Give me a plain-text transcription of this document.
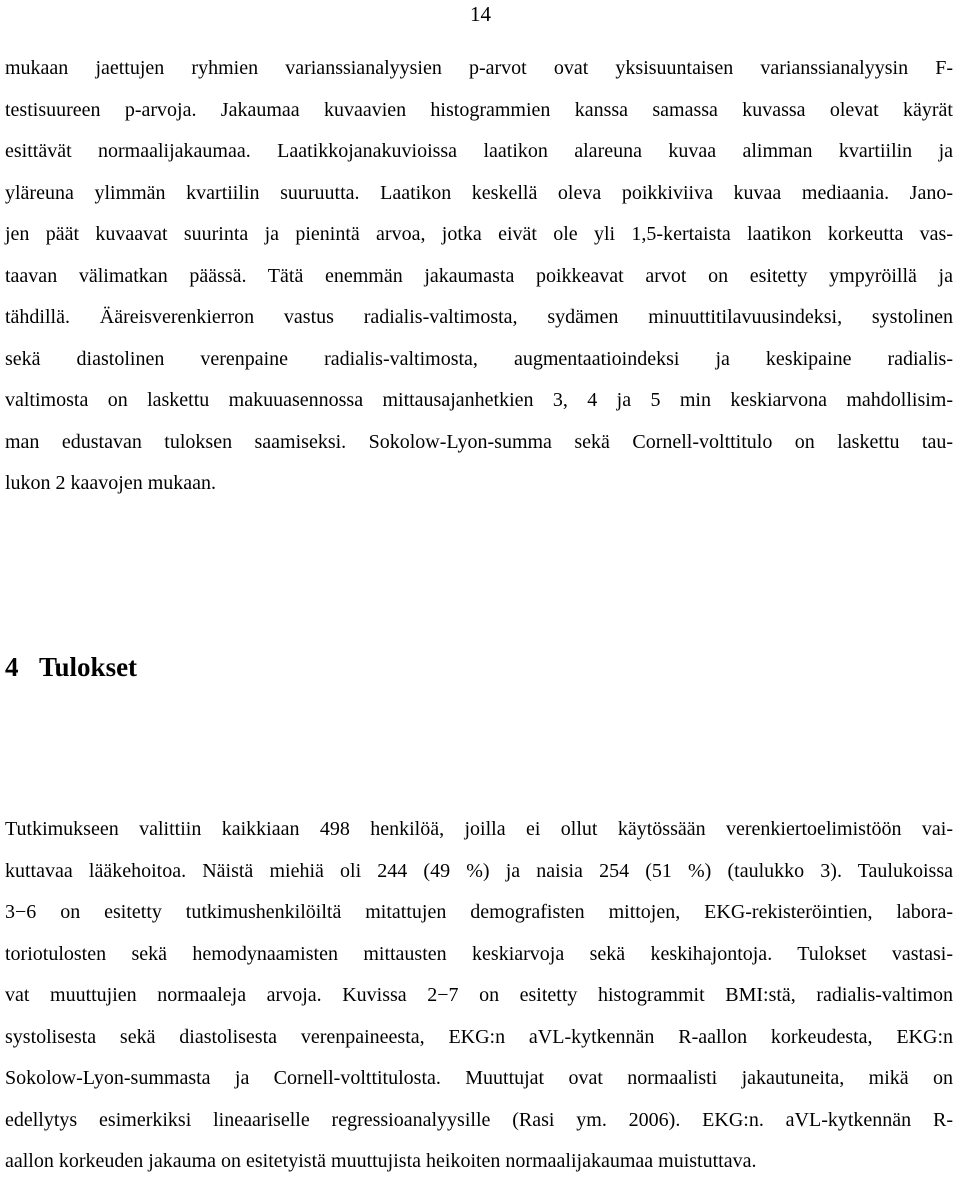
14
mukaan jaettujen ryhmien varianssianalyysien p-arvot ovat yksisuuntaisen varianssianalyysin F-
testisuureen p-arvoja. Jakaumaa kuvaavien histogrammien kanssa samassa kuvassa olevat käyrät
esittävät normaalijakaumaa. Laatikkojanakuvioissa laatikon alareuna kuvaa alimman kvartiilin ja
yläreuna ylimmän kvartiilin suuruutta. Laatikon keskellä oleva poikkiviiva kuvaa mediaania. Jano-
jen päät kuvaavat suurinta ja pienintä arvoa, jotka eivät ole yli 1,5-kertaista laatikon korkeutta vas-
taavan välimatkan päässä. Tätä enemmän jakaumasta poikkeavat arvot on esitetty ympyröillä ja
tähdillä. Ääreisverenkierron vastus radialis-valtimosta, sydämen minuuttitilavuusindeksi, systolinen
sekä diastolinen verenpaine radialis-valtimosta, augmentaatioindeksi ja keskipaine radialis-
valtimosta on laskettu makuuasennossa mittausajanhetkien 3, 4 ja 5 min keskiarvona mahdollisim-
man edustavan tuloksen saamiseksi. Sokolow-Lyon-summa sekä Cornell-volttitulo on laskettu tau-
lukon 2 kaavojen mukaan.
4 Tulokset
Tutkimukseen valittiin kaikkiaan 498 henkilöä, joilla ei ollut käytössään verenkiertoelimistöön vai-
kuttavaa lääkehoitoa. Näistä miehiä oli 244 (49 %) ja naisia 254 (51 %) (taulukko 3). Taulukoissa
3−6 on esitetty tutkimushenkilöiltä mitattujen demografisten mittojen, EKG-rekisteröintien, labora-
toriotulosten sekä hemodynaamisten mittausten keskiarvoja sekä keskihajontoja. Tulokset vastasi-
vat muuttujien normaaleja arvoja. Kuvissa 2−7 on esitetty histogrammit BMI:stä, radialis-valtimon
systolisesta sekä diastolisesta verenpaineesta, EKG:n aVL-kytkennän R-aallon korkeudesta, EKG:n
Sokolow-Lyon-summasta ja Cornell-volttitulosta. Muuttujat ovat normaalisti jakautuneita, mikä on
edellytys esimerkiksi lineaariselle regressioanalyysille (Rasi ym. 2006). EKG:n. aVL-kytkennän R-
aallon korkeuden jakauma on esitetyistä muuttujista heikoiten normaalijakaumaa muistuttava.
